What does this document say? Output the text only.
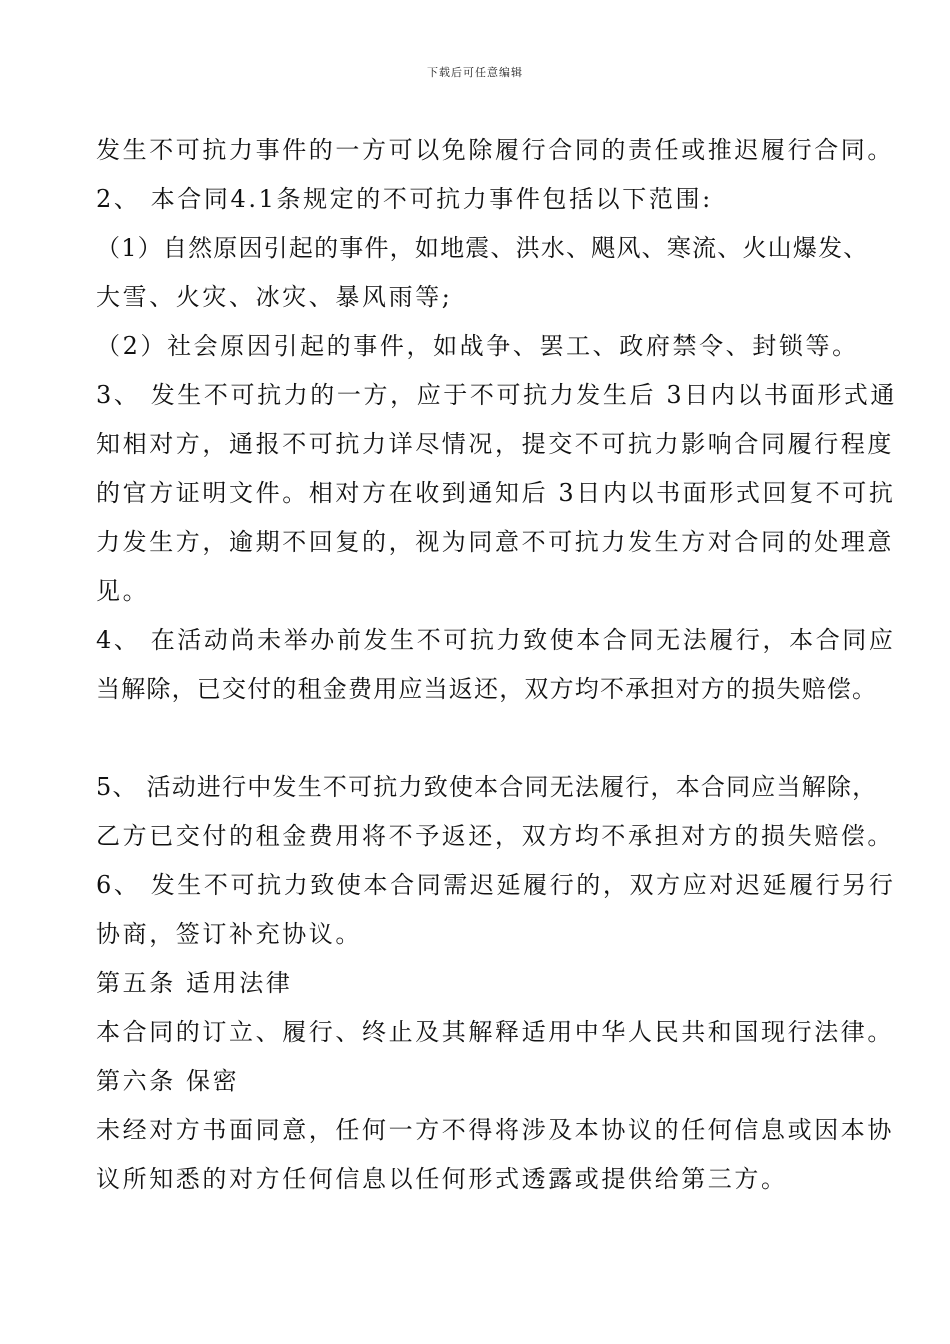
下载后可任意编辑
发生不可抗力事件的一方可以免除履行合同的责任或推迟履行合同。
2、 本合同4.1条规定的不可抗力事件包括以下范围:
（1）自然原因引起的事件，如地震、洪水、飓风、寒流、火山爆发、
大雪、火灾、冰灾、暴风雨等;
（2）社会原因引起的事件，如战争、罢工、政府禁令、封锁等。
3、 发生不可抗力的一方，应于不可抗力发生后 3日内以书面形式通
知相对方，通报不可抗力详尽情况，提交不可抗力影响合同履行程度
的官方证明文件。相对方在收到通知后 3日内以书面形式回复不可抗
力发生方，逾期不回复的，视为同意不可抗力发生方对合同的处理意
见。
4、 在活动尚未举办前发生不可抗力致使本合同无法履行，本合同应
当解除，已交付的租金费用应当返还，双方均不承担对方的损失赔偿。
5、 活动进行中发生不可抗力致使本合同无法履行，本合同应当解除，
乙方已交付的租金费用将不予返还，双方均不承担对方的损失赔偿。
6、 发生不可抗力致使本合同需迟延履行的，双方应对迟延履行另行
协商，签订补充协议。
第五条 适用法律
本合同的订立、履行、终止及其解释适用中华人民共和国现行法律。
第六条 保密
未经对方书面同意，任何一方不得将涉及本协议的任何信息或因本协
议所知悉的对方任何信息以任何形式透露或提供给第三方。
